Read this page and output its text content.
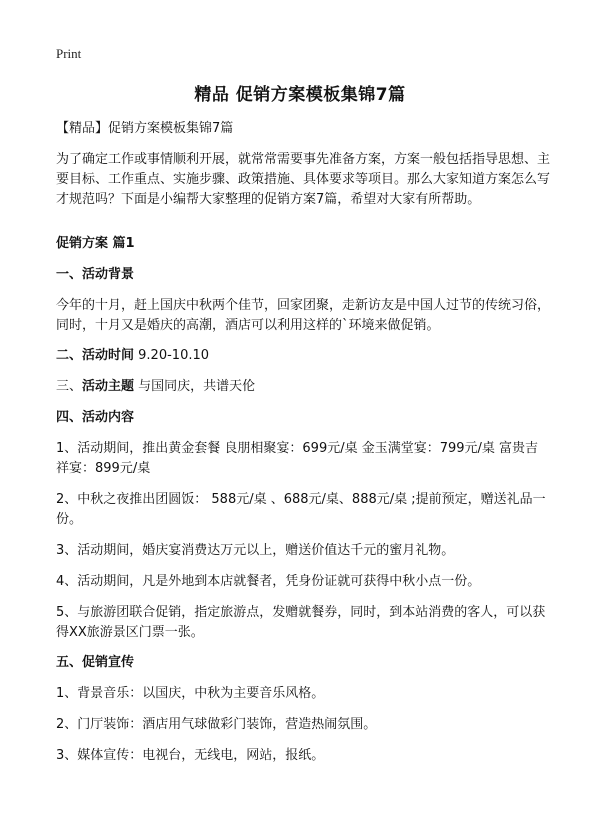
Print
精品 促销方案模板集锦7篇

【精品】促销方案模板集锦7篇

为了确定工作或事情顺利开展，就常常需要事先准备方案，方案一般包括指导思想、主要目标、工作重点、实施步骤、政策措施、具体要求等项目。那么大家知道方案怎么写才规范吗？下面是小编帮大家整理的促销方案7篇，希望对大家有所帮助。

促销方案 篇1

一、活动背景

今年的十月，赶上国庆中秋两个佳节，回家团聚，走新访友是中国人过节的传统习俗，同时，十月又是婚庆的高潮，酒店可以利用这样的`环境来做促销。

二、活动时间 9.20-10.10

三、活动主题 与国同庆，共谱天伦

四、活动内容

1、活动期间，推出黄金套餐 良朋相聚宴：699元/桌 金玉满堂宴：799元/桌 富贵吉祥宴：899元/桌

2、中秋之夜推出团圆饭： 588元/桌 、688元/桌、888元/桌 ;提前预定，赠送礼品一份。

3、活动期间，婚庆宴消费达万元以上，赠送价值达千元的蜜月礼物。

4、活动期间，凡是外地到本店就餐者，凭身份证就可获得中秋小点一份。

5、与旅游团联合促销，指定旅游点，发赠就餐券，同时，到本站消费的客人，可以获得XX旅游景区门票一张。

五、促销宣传

1、背景音乐：以国庆，中秋为主要音乐风格。

2、门厅装饰：酒店用气球做彩门装饰，营造热闹氛围。

3、媒体宣传：电视台，无线电，网站，报纸。
